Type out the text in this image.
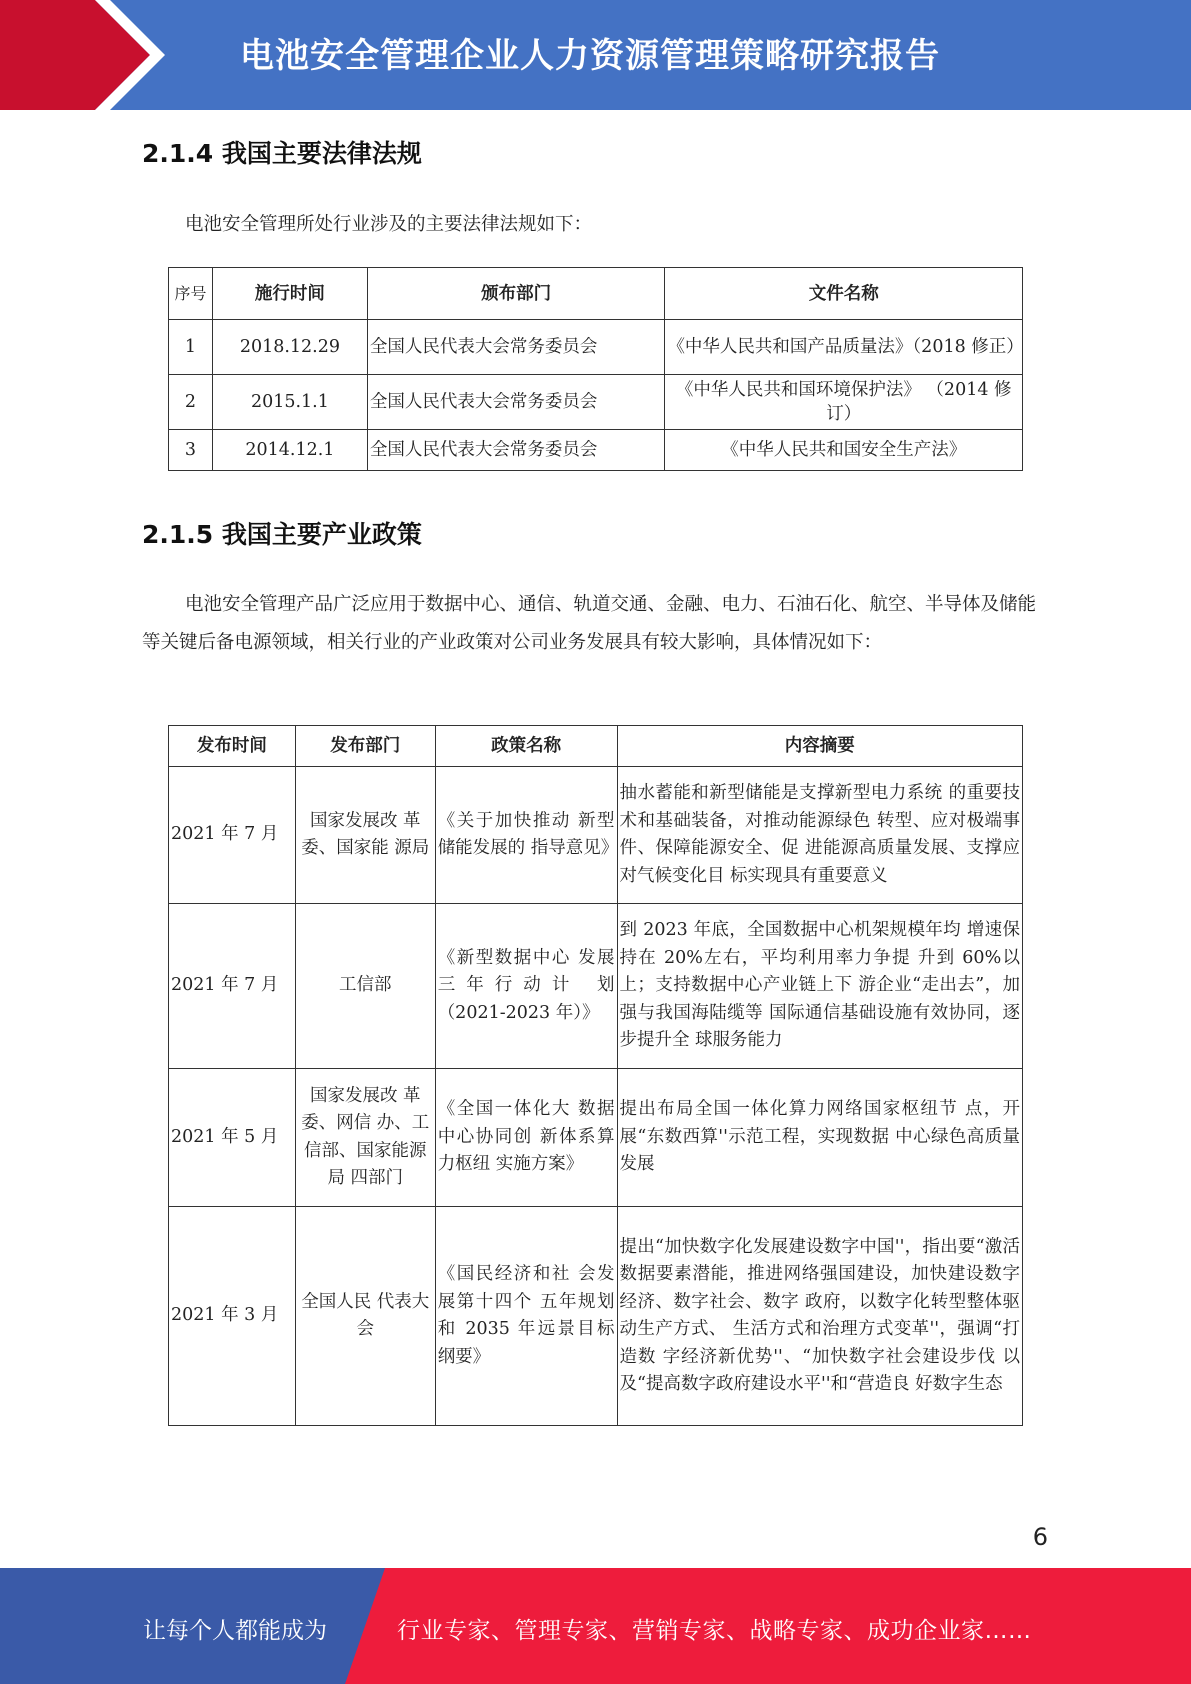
电池安全管理企业人力资源管理策略研究报告
2.1.4 我国主要法律法规
电池安全管理所处行业涉及的主要法律法规如下：
序号	施行时间	颁布部门	文件名称
1	2018.12.29	全国人民代表大会常务委员会	《中华人民共和国产品质量法》（2018 修正）
2	2015.1.1	全国人民代表大会常务委员会	《中华人民共和国环境保护法》 （2014 修订）
3	2014.12.1	全国人民代表大会常务委员会	《中华人民共和国安全生产法》
2.1.5 我国主要产业政策
电池安全管理产品广泛应用于数据中心、通信、轨道交通、金融、电力、石油石化、航空、半导体及储能等关键后备电源领域，相关行业的产业政策对公司业务发展具有较大影响，具体情况如下：
发布时间	发布部门	政策名称	内容摘要
2021 年 7 月	国家发展改 革委、国家能 源局	《关于加快推动 新型储能发展的 指导意见》	抽水蓄能和新型储能是支撑新型电力系统 的重要技术和基础装备，对推动能源绿色 转型、应对极端事件、保障能源安全、促 进能源高质量发展、支撑应对气候变化目 标实现具有重要意义
2021 年 7 月	工信部	《新型数据中心 发展三年行动计 划（2021-2023 年）》	到 2023 年底，全国数据中心机架规模年均 增速保持在 20%左右，平均利用率力争提 升到 60%以上；支持数据中心产业链上下 游企业“走出去”，加强与我国海陆缆等 国际通信基础设施有效协同，逐步提升全 球服务能力
2021 年 5 月	国家发展改 革委、网信 办、工信部、国家能源局 四部门	《全国一体化大 数据中心协同创 新体系算力枢纽 实施方案》	提出布局全国一体化算力网络国家枢纽节 点，开展“东数西算''示范工程，实现数据 中心绿色高质量发展
2021 年 3 月	全国人民 代表大会	《国民经济和社 会发展第十四个 五年规划和 2035 年远景目标纲要》	提出“加快数字化发展建设数字中国''，指出要“激活数据要素潜能，推进网络强国建设，加快建设数字经济、数字社会、数字 政府，以数字化转型整体驱动生产方式、 生活方式和治理方式变革''，强调“打造数 字经济新优势''、“加快数字社会建设步伐 以及“提高数字政府建设水平''和“营造良 好数字生态
6
让每个人都能成为	行业专家、管理专家、营销专家、战略专家、成功企业家……
